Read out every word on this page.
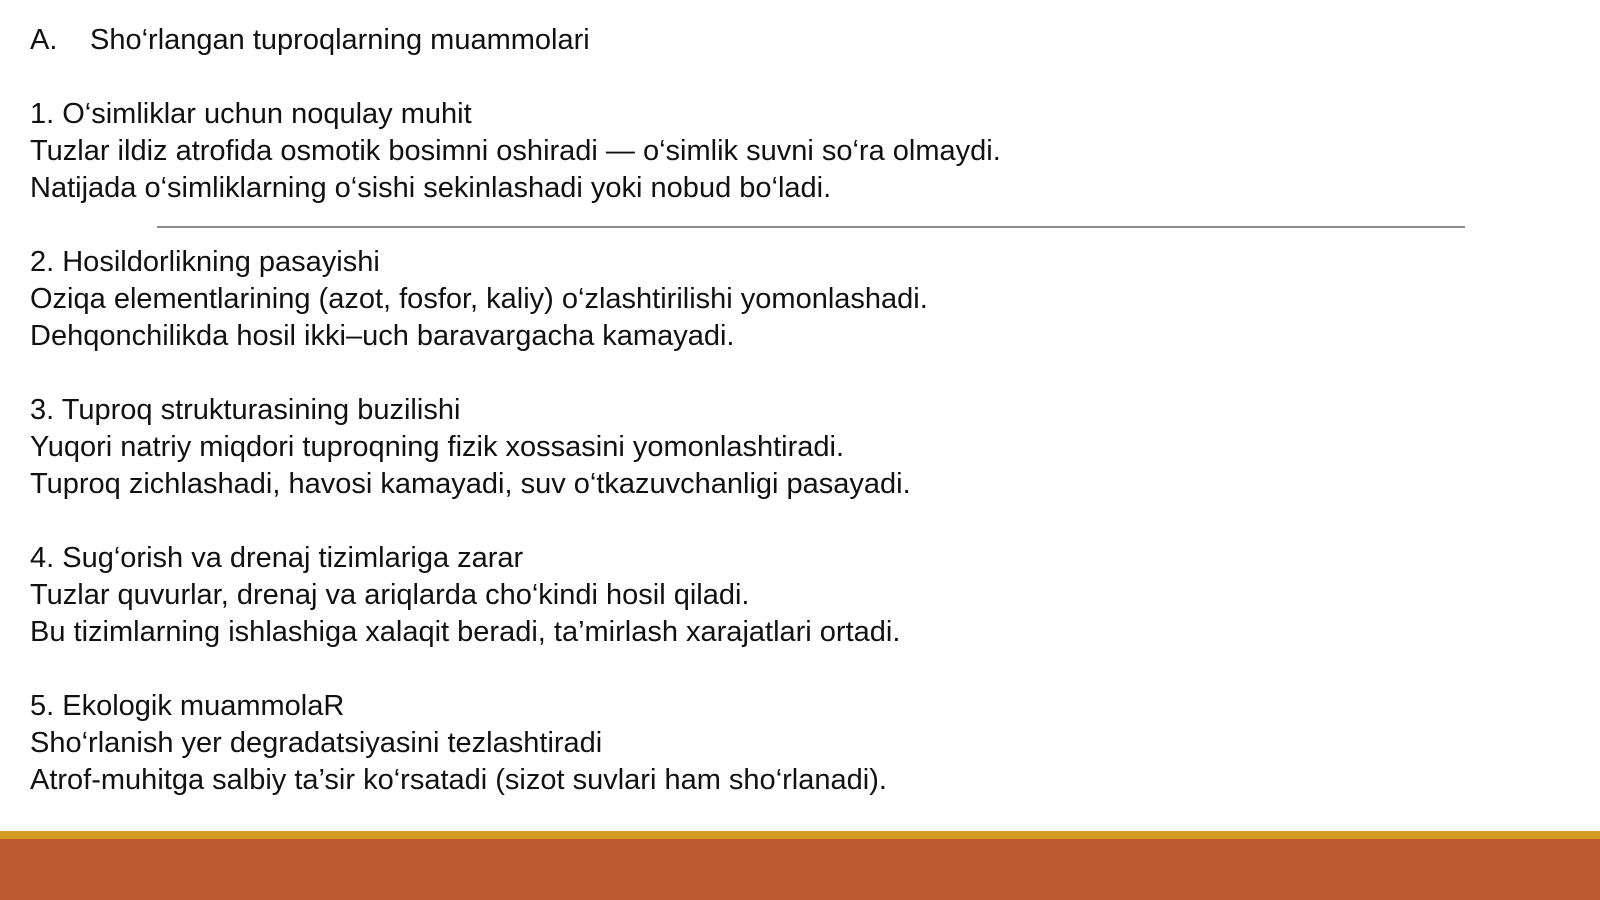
A.	Sho‘rlangan tuproqlarning muammolari
1. O‘simliklar uchun noqulay muhit
Tuzlar ildiz atrofida osmotik bosimni oshiradi — o‘simlik suvni so‘ra olmaydi.
Natijada o‘simliklarning o‘sishi sekinlashadi yoki nobud bo‘ladi.
2. Hosildorlikning pasayishi
Oziqa elementlarining (azot, fosfor, kaliy) o‘zlashtirilishi yomonlashadi.
Dehqonchilikda hosil ikki–uch baravargacha kamayadi.
3. Tuproq strukturasining buzilishi
Yuqori natriy miqdori tuproqning fizik xossasini yomonlashtiradi.
Tuproq zichlashadi, havosi kamayadi, suv o‘tkazuvchanligi pasayadi.
4. Sug‘orish va drenaj tizimlariga zarar
Tuzlar quvurlar, drenaj va ariqlarda cho‘kindi hosil qiladi.
Bu tizimlarning ishlashiga xalaqit beradi, ta’mirlash xarajatlari ortadi.
5. Ekologik muammolaR
Sho‘rlanish yer degradatsiyasini tezlashtiradi
Atrof-muhitga salbiy ta’sir ko‘rsatadi (sizot suvlari ham sho‘rlanadi).
